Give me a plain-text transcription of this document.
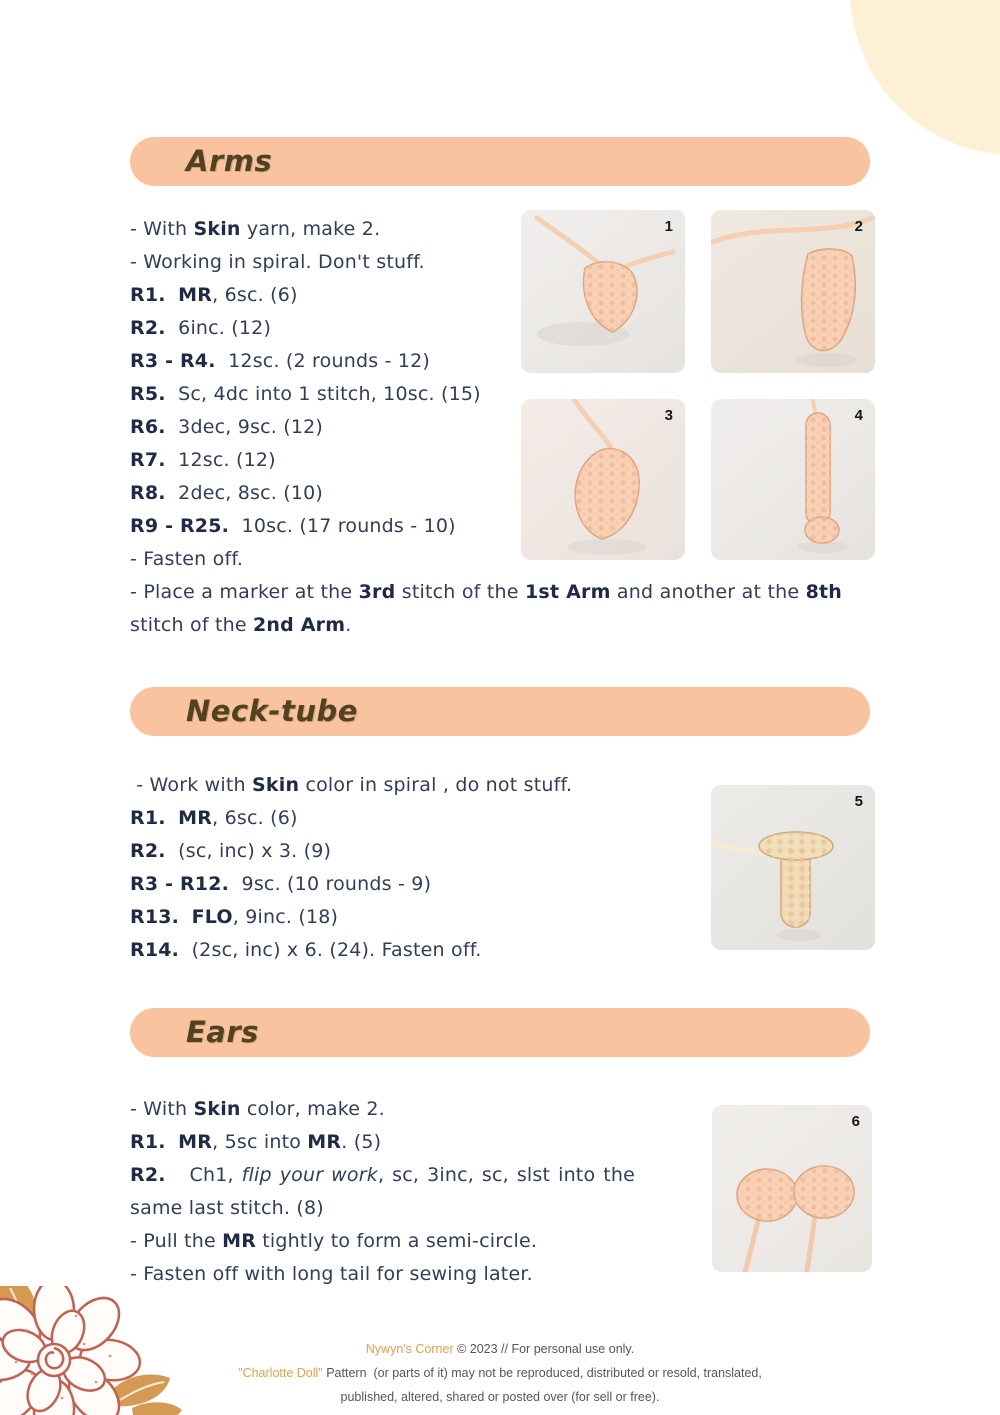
Arms
- With Skin yarn, make 2.
- Working in spiral. Don't stuff.
R1. MR, 6sc. (6)
R2.  6inc. (12)
R3 - R4.  12sc. (2 rounds - 12)
R5.  Sc, 4dc into 1 stitch, 10sc. (15)
R6.  3dec, 9sc. (12)
R7.  12sc. (12)
R8.  2dec, 8sc. (10)
R9 - R25.  10sc. (17 rounds - 10)
- Fasten off.
- Place a marker at the 3rd stitch of the 1st Arm and another at the 8th stitch of the 2nd Arm.
1	2
3	4
Neck-tube
- Work with Skin color in spiral , do not stuff.
R1. MR, 6sc. (6)
R2.  (sc, inc) x 3. (9)
R3 - R12.  9sc. (10 rounds - 9)
R13. FLO, 9inc. (18)
R14.  (2sc, inc) x 6. (24). Fasten off.
5
Ears
- With Skin color, make 2.
R1. MR, 5sc into MR. (5)
R2.   Ch1, flip your work, sc, 3inc, sc, slst into the same last stitch. (8)
- Pull the MR tightly to form a semi-circle.
- Fasten off with long tail for sewing later.
6
Nywyn's Corner © 2023 // For personal use only.
"Charlotte Doll" Pattern  (or parts of it) may not be reproduced, distributed or resold, translated,
published, altered, shared or posted over (for sell or free).
